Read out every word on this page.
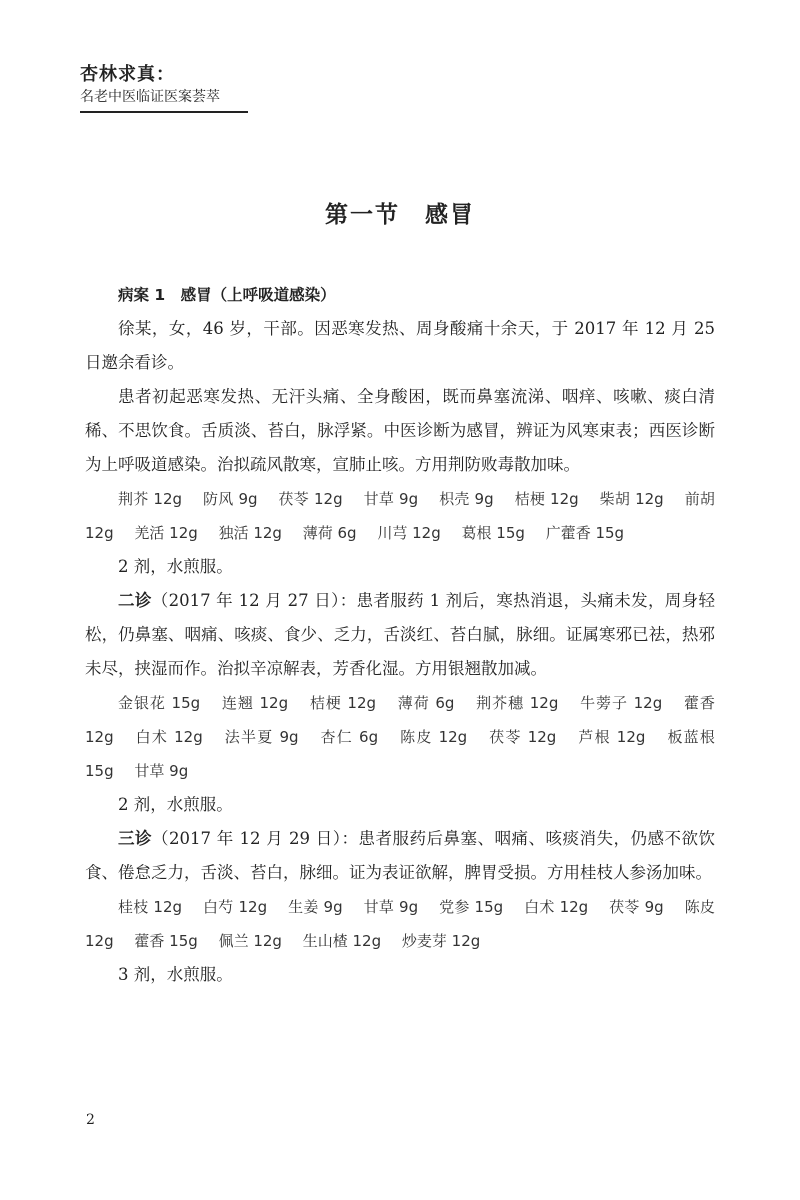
杏林求真：
名老中医临证医案荟萃
第一节　感冒

病案 1　感冒（上呼吸道感染）

徐某，女，46 岁，干部。因恶寒发热、周身酸痛十余天，于 2017 年 12 月 25 日邀余看诊。

患者初起恶寒发热、无汗头痛、全身酸困，既而鼻塞流涕、咽痒、咳嗽、痰白清稀、不思饮食。舌质淡、苔白，脉浮紧。中医诊断为感冒，辨证为风寒束表；西医诊断为上呼吸道感染。治拟疏风散寒，宣肺止咳。方用荆防败毒散加味。

荆芥 12g 防风 9g 茯苓 12g 甘草 9g 枳壳 9g 桔梗 12g 柴胡 12g 前胡 12g 羌活 12g 独活 12g 薄荷 6g 川芎 12g 葛根 15g 广藿香 15g

2 剂，水煎服。

二诊（2017 年 12 月 27 日）：患者服药 1 剂后，寒热消退，头痛未发，周身轻松，仍鼻塞、咽痛、咳痰、食少、乏力，舌淡红、苔白腻，脉细。证属寒邪已祛，热邪未尽，挟湿而作。治拟辛凉解表，芳香化湿。方用银翘散加减。

金银花 15g 连翘 12g 桔梗 12g 薄荷 6g 荆芥穗 12g 牛蒡子 12g 藿香 12g 白术 12g 法半夏 9g 杏仁 6g 陈皮 12g 茯苓 12g 芦根 12g 板蓝根 15g 甘草 9g

2 剂，水煎服。

三诊（2017 年 12 月 29 日）：患者服药后鼻塞、咽痛、咳痰消失，仍感不欲饮食、倦怠乏力，舌淡、苔白，脉细。证为表证欲解，脾胃受损。方用桂枝人参汤加味。

桂枝 12g 白芍 12g 生姜 9g 甘草 9g 党参 15g 白术 12g 茯苓 9g 陈皮 12g 藿香 15g 佩兰 12g 生山楂 12g 炒麦芽 12g

3 剂，水煎服。

2
